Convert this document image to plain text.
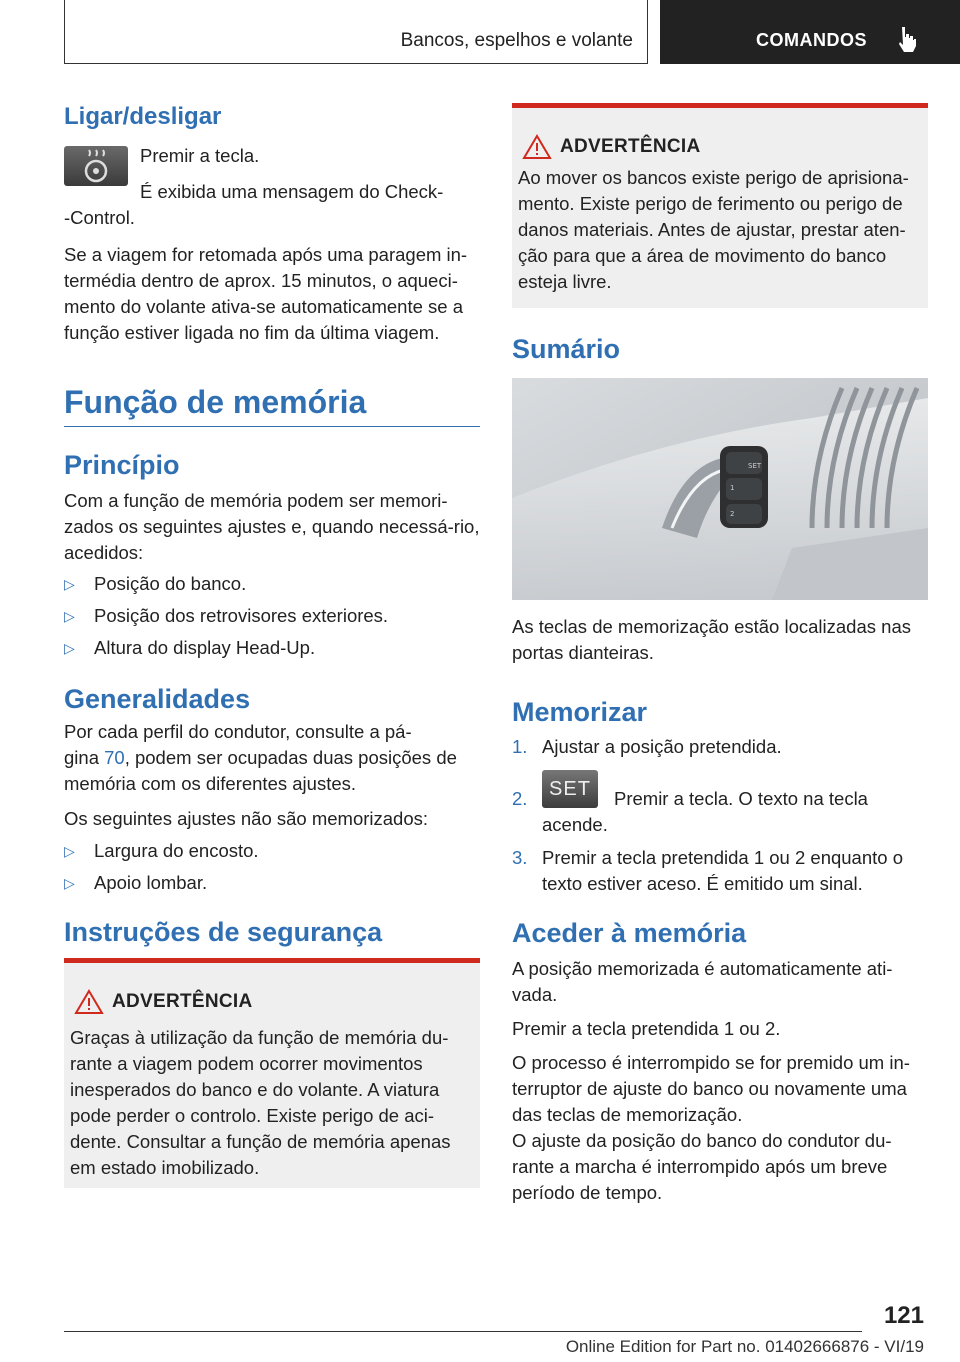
Bancos, espelhos e volante	COMANDOS
Ligar/desligar

Premir a tecla.

É exibida uma mensagem do Check-

-Control.

Se a viagem for retomada após uma paragem in-termédia dentro de aprox. 15 minutos, o aqueci-mento do volante ativa-se automaticamente se a função estiver ligada no fim da última viagem.

Função de memória
Princípio

Com a função de memória podem ser memori-zados os seguintes ajustes e, quando necessá-rio, acedidos:

▷ Posição do banco.
▷ Posição dos retrovisores exteriores.
▷ Altura do display Head-Up.
Generalidades

Por cada perfil do condutor, consulte a pá-

gina 70, podem ser ocupadas duas posições de

memória com os diferentes ajustes.

Os seguintes ajustes não são memorizados:

▷ Largura do encosto.
▷ Apoio lombar.
Instruções de segurança
ADVERTÊNCIA
Graças à utilização da função de memória du-rante a viagem podem ocorrer movimentos inesperados do banco e do volante. A viatura pode perder o controlo. Existe perigo de aci-dente. Consultar a função de memória apenas em estado imobilizado.
ADVERTÊNCIA
Ao mover os bancos existe perigo de aprisiona-mento. Existe perigo de ferimento ou perigo de danos materiais. Antes de ajustar, prestar aten-ção para que a área de movimento do banco esteja livre.
Sumário
SET
1
2

As teclas de memorização estão localizadas nas portas dianteiras.

Memorizar
1. Ajustar a posição pretendida.
2.	SET	Premir a tecla. O texto na tecla
acende.
3. Premir a tecla pretendida 1 ou 2 enquanto o texto estiver aceso. É emitido um sinal.
Aceder à memória

A posição memorizada é automaticamente ati-vada.

Premir a tecla pretendida 1 ou 2.

O processo é interrompido se for premido um in-terruptor de ajuste do banco ou novamente uma das teclas de memorização.

O ajuste da posição do banco do condutor du-rante a marcha é interrompido após um breve período de tempo.

121
Online Edition for Part no. 01402666876 - VI/19
